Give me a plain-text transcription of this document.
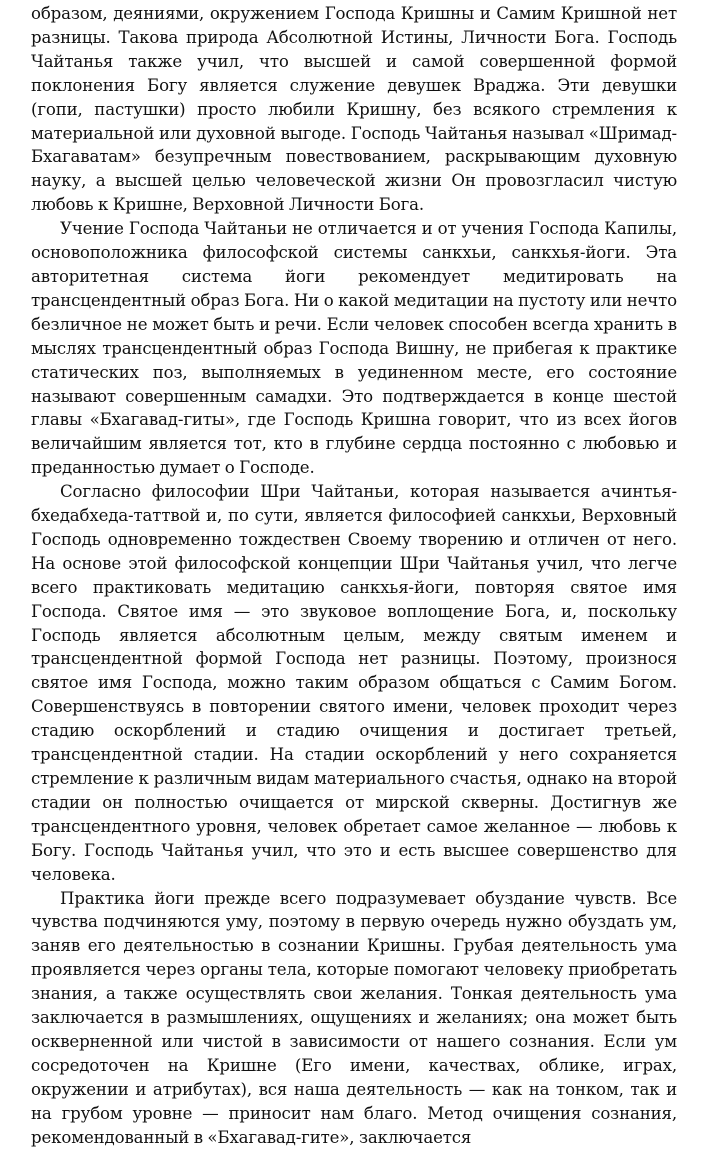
образом, деяниями, окружением Господа Кришны и Самим Кришной нет разницы. Такова природа Абсолютной Истины, Личности Бога. Господь Чайтанья также учил, что высшей и самой совершенной формой поклонения Богу является служение девушек Враджа. Эти девушки (гопи, пастушки) просто любили Кришну, без всякого стремления к материальной или духовной выгоде. Господь Чайтанья называл «Шримад-Бхагаватам» безупречным повествованием, раскрывающим духовную науку, а высшей целью человеческой жизни Он провозгласил чистую любовь к Кришне, Верховной Личности Бога.

Учение Господа Чайтаньи не отличается и от учения Господа Капилы, основоположника философской системы санкхьи, санкхья-йоги. Эта авторитетная система йоги рекомендует медитировать на трансцендентный образ Бога. Ни о какой медитации на пустоту или нечто безличное не может быть и речи. Если человек способен всегда хранить в мыслях трансцендентный образ Господа Вишну, не прибегая к практике статических поз, выполняемых в уединенном месте, его состояние называют совершенным самадхи. Это подтверждается в конце шестой главы «Бхагавад-гиты», где Господь Кришна говорит, что из всех йогов величайшим является тот, кто в глубине сердца постоянно с любовью и преданностью думает о Господе.

Согласно философии Шри Чайтаньи, которая называется ачинтья-бхедабхеда-таттвой и, по сути, является философией санкхьи, Верховный Господь одновременно тождествен Своему творению и отличен от него. На основе этой философской концепции Шри Чайтанья учил, что легче всего практиковать медитацию санкхья-йоги, повторяя святое имя Господа. Святое имя — это звуковое воплощение Бога, и, поскольку Господь является абсолютным целым, между святым именем и трансцендентной формой Господа нет разницы. Поэтому, произнося святое имя Господа, можно таким образом общаться с Самим Богом. Совершенствуясь в повторении святого имени, человек проходит через стадию оскорблений и стадию очищения и достигает третьей, трансцендентной стадии. На стадии оскорблений у него сохраняется стремление к различным видам материального счастья, однако на второй стадии он полностью очищается от мирской скверны. Достигнув же трансцендентного уровня, человек обретает самое желанное — любовь к Богу. Господь Чайтанья учил, что это и есть высшее совершенство для человека.

Практика йоги прежде всего подразумевает обуздание чувств. Все чувства подчиняются уму, поэтому в первую очередь нужно обуздать ум, заняв его деятельностью в сознании Кришны. Грубая деятельность ума проявляется через органы тела, которые помогают человеку приобретать знания, а также осуществлять свои желания. Тонкая деятельность ума заключается в размышлениях, ощущениях и желаниях; она может быть оскверненной или чистой в зависимости от нашего сознания. Если ум сосредоточен на Кришне (Его имени, качествах, облике, играх, окружении и атрибутах), вся наша деятельность — как на тонком, так и на грубом уровне — приносит нам благо. Метод очищения сознания, рекомендованный в «Бхагавад-гите», заключается
